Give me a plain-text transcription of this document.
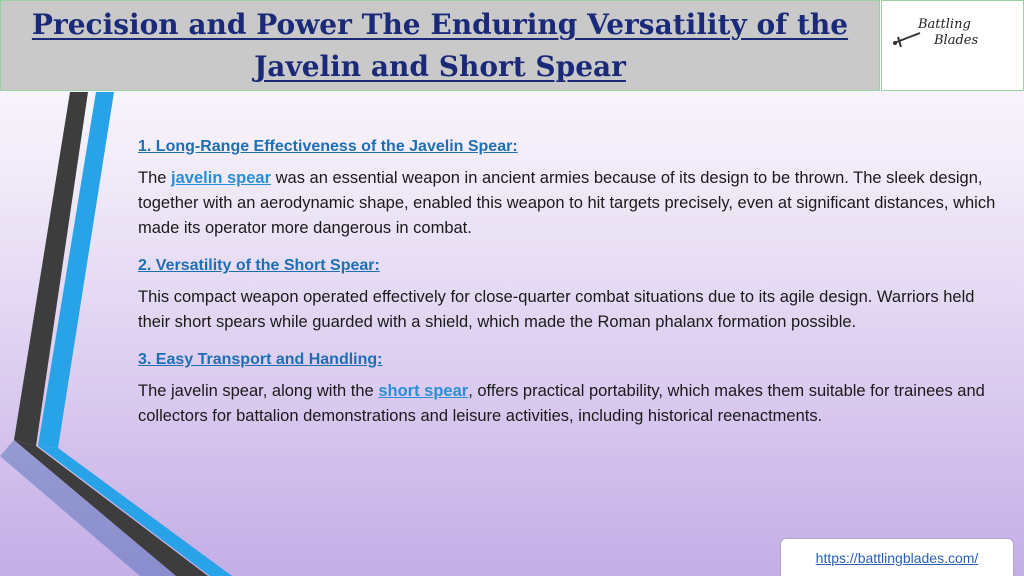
Precision and Power The Enduring Versatility of the Javelin and Short Spear
Battling
Blades
1. Long-Range Effectiveness of the Javelin Spear:

The javelin spear was an essential weapon in ancient armies because of its design to be thrown. The sleek design, together with an aerodynamic shape, enabled this weapon to hit targets precisely, even at significant distances, which made its operator more dangerous in combat.

2. Versatility of the Short Spear:

This compact weapon operated effectively for close-quarter combat situations due to its agile design. Warriors held their short spears while guarded with a shield, which made the Roman phalanx formation possible.

3. Easy Transport and Handling:

The javelin spear, along with the short spear, offers practical portability, which makes them suitable for trainees and collectors for battalion demonstrations and leisure activities, including historical reenactments.

https://battlingblades.com/
